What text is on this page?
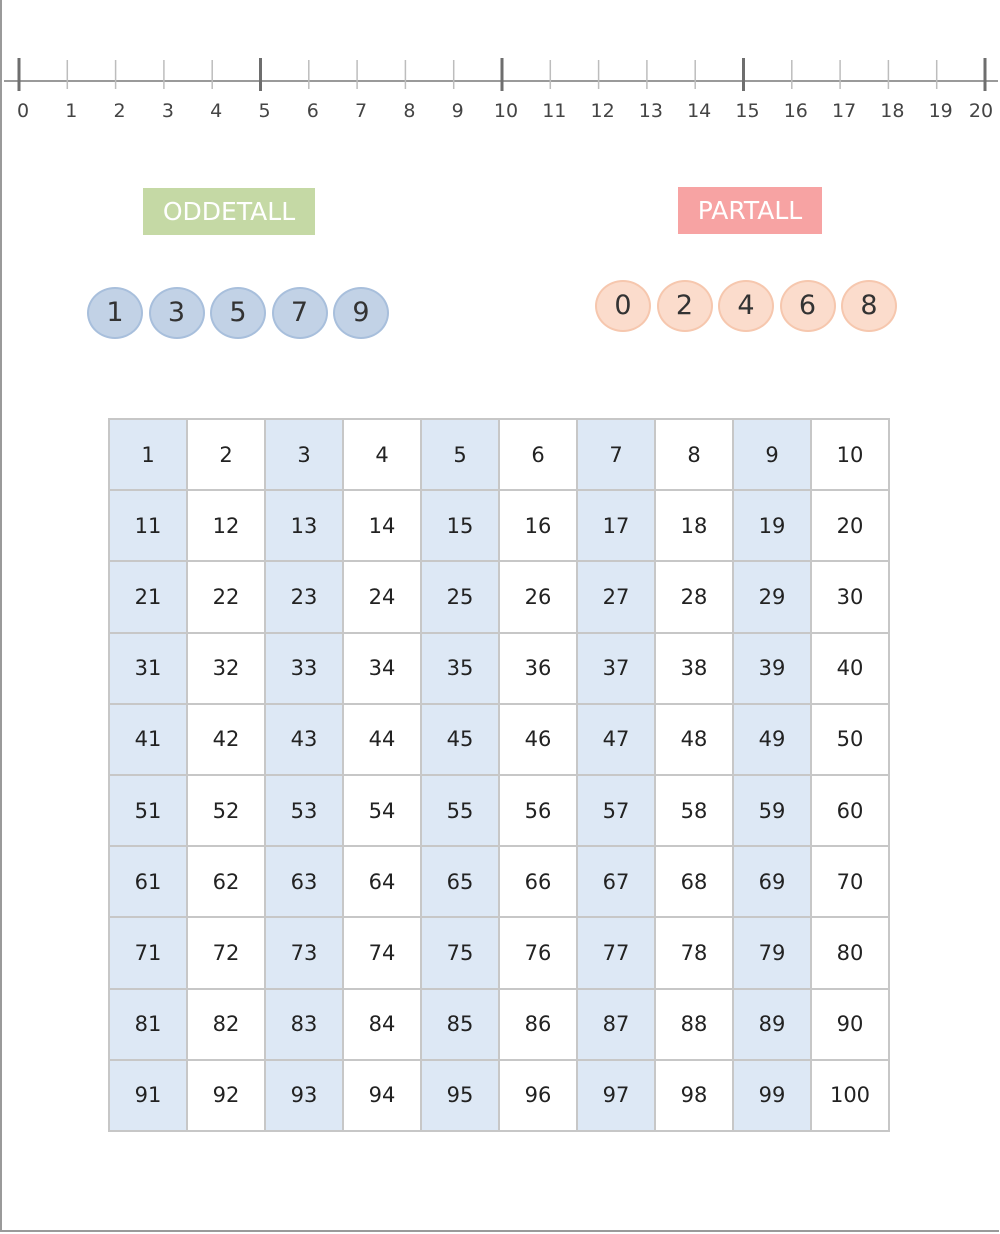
0 1 2 3 4 5 6 7 8 9 10 11 12 13 14 15 16 17 18 19 20
ODDETALL	PARTALL
1	3	5	7	9	0	2	4	6	8
1	2	3	4	5	6	7	8	9	10
11	12	13	14	15	16	17	18	19	20
21	22	23	24	25	26	27	28	29	30
31	32	33	34	35	36	37	38	39	40
41	42	43	44	45	46	47	48	49	50
51	52	53	54	55	56	57	58	59	60
61	62	63	64	65	66	67	68	69	70
71	72	73	74	75	76	77	78	79	80
81	82	83	84	85	86	87	88	89	90
91	92	93	94	95	96	97	98	99	100
